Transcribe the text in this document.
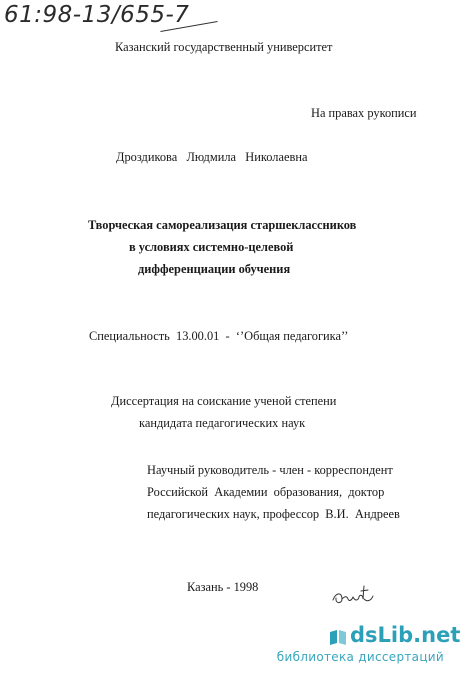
61:98-13/655-7
Казанский государственный университет
На правах рукописи
Дроздикова   Людмила   Николаевна
Творческая самореализация старшеклассников
в условиях системно-целевой
дифференциации обучения
Специальность  13.00.01  -  ‘’Общая педагогика’’
Диссертация на соискание ученой степени
кандидата педагогических наук
Научный руководитель - член - корреспондент
Российской  Академии  образования,  доктор
педагогических наук, профессор  В.И.  Андреев
Казань - 1998
dsLib.net
библиотека диссертаций
